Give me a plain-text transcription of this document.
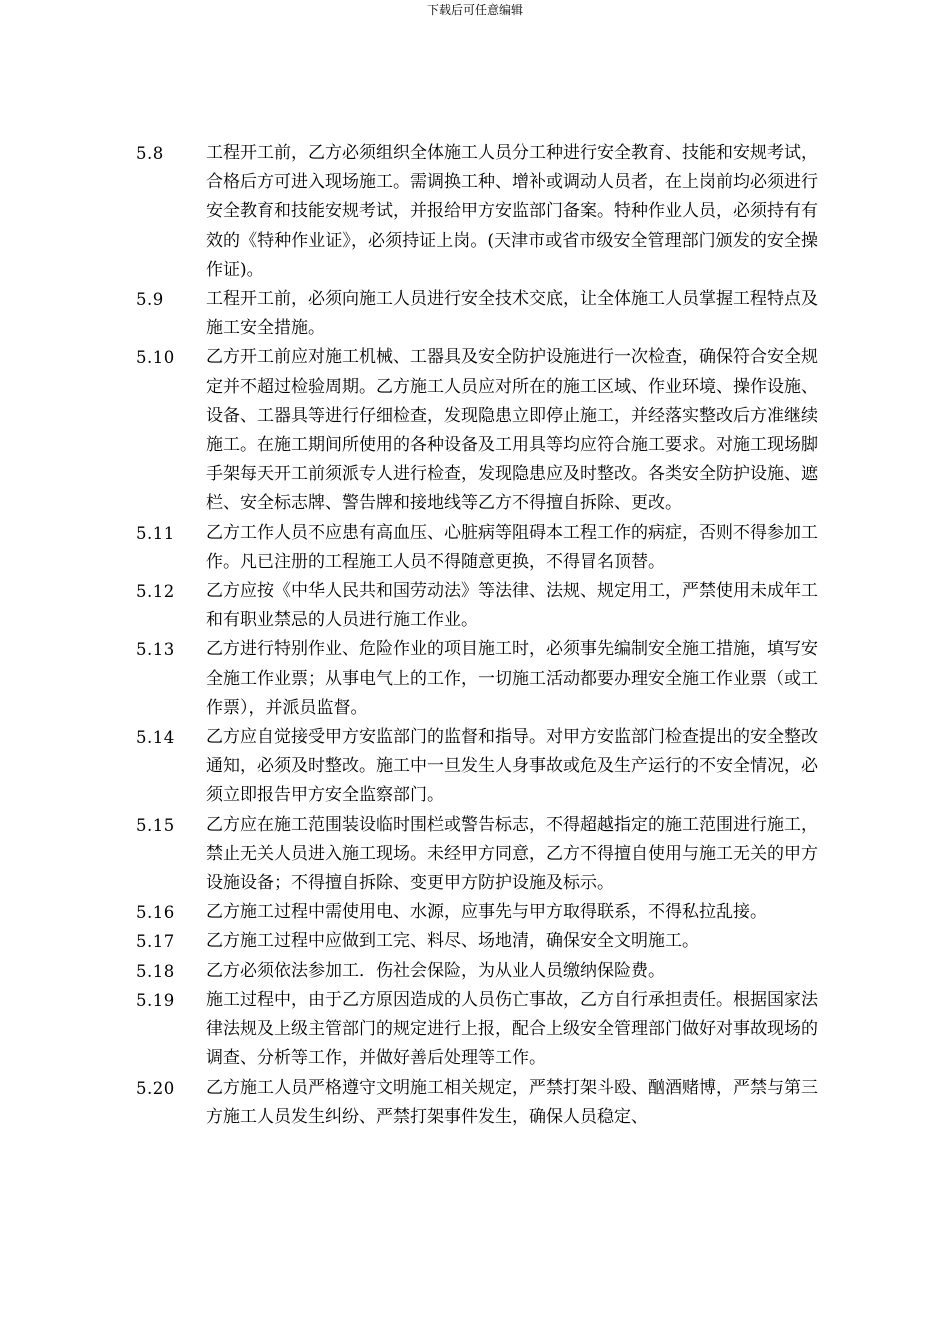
下载后可任意编辑
5.8	工程开工前，乙方必须组织全体施工人员分工种进行安全教育、技能和安规考试，合格后方可进入现场施工。需调换工种、增补或调动人员者，在上岗前均必须进行安全教育和技能安规考试，并报给甲方安监部门备案。特种作业人员，必须持有有效的《特种作业证》，必须持证上岗。(天津市或省市级安全管理部门颁发的安全操作证)。
5.9	工程开工前，必须向施工人员进行安全技术交底，让全体施工人员掌握工程特点及施工安全措施。
5.10	乙方开工前应对施工机械、工器具及安全防护设施进行一次检查，确保符合安全规定并不超过检验周期。乙方施工人员应对所在的施工区域、作业环境、操作设施、设备、工器具等进行仔细检查，发现隐患立即停止施工，并经落实整改后方准继续施工。在施工期间所使用的各种设备及工用具等均应符合施工要求。对施工现场脚手架每天开工前须派专人进行检查，发现隐患应及时整改。各类安全防护设施、遮栏、安全标志牌、警告牌和接地线等乙方不得擅自拆除、更改。
5.11	乙方工作人员不应患有高血压、心脏病等阻碍本工程工作的病症，否则不得参加工作。凡已注册的工程施工人员不得随意更换，不得冒名顶替。
5.12	乙方应按《中华人民共和国劳动法》等法律、法规、规定用工，严禁使用未成年工和有职业禁忌的人员进行施工作业。
5.13	乙方进行特别作业、危险作业的项目施工时，必须事先编制安全施工措施，填写安全施工作业票；从事电气上的工作，一切施工活动都要办理安全施工作业票（或工作票），并派员监督。
5.14	乙方应自觉接受甲方安监部门的监督和指导。对甲方安监部门检查提出的安全整改通知，必须及时整改。施工中一旦发生人身事故或危及生产运行的不安全情况，必须立即报告甲方安全监察部门。
5.15	乙方应在施工范围装设临时围栏或警告标志，不得超越指定的施工范围进行施工，禁止无关人员进入施工现场。未经甲方同意，乙方不得擅自使用与施工无关的甲方设施设备；不得擅自拆除、变更甲方防护设施及标示。
5.16	乙方施工过程中需使用电、水源，应事先与甲方取得联系，不得私拉乱接。
5.17	乙方施工过程中应做到工完、料尽、场地清，确保安全文明施工。
5.18	乙方必须依法参加工．伤社会保险，为从业人员缴纳保险费。
5.19	施工过程中，由于乙方原因造成的人员伤亡事故，乙方自行承担责任。根据国家法律法规及上级主管部门的规定进行上报，配合上级安全管理部门做好对事故现场的调查、分析等工作，并做好善后处理等工作。
5.20	乙方施工人员严格遵守文明施工相关规定，严禁打架斗殴、酗酒赌博，严禁与第三方施工人员发生纠纷、严禁打架事件发生，确保人员稳定、
